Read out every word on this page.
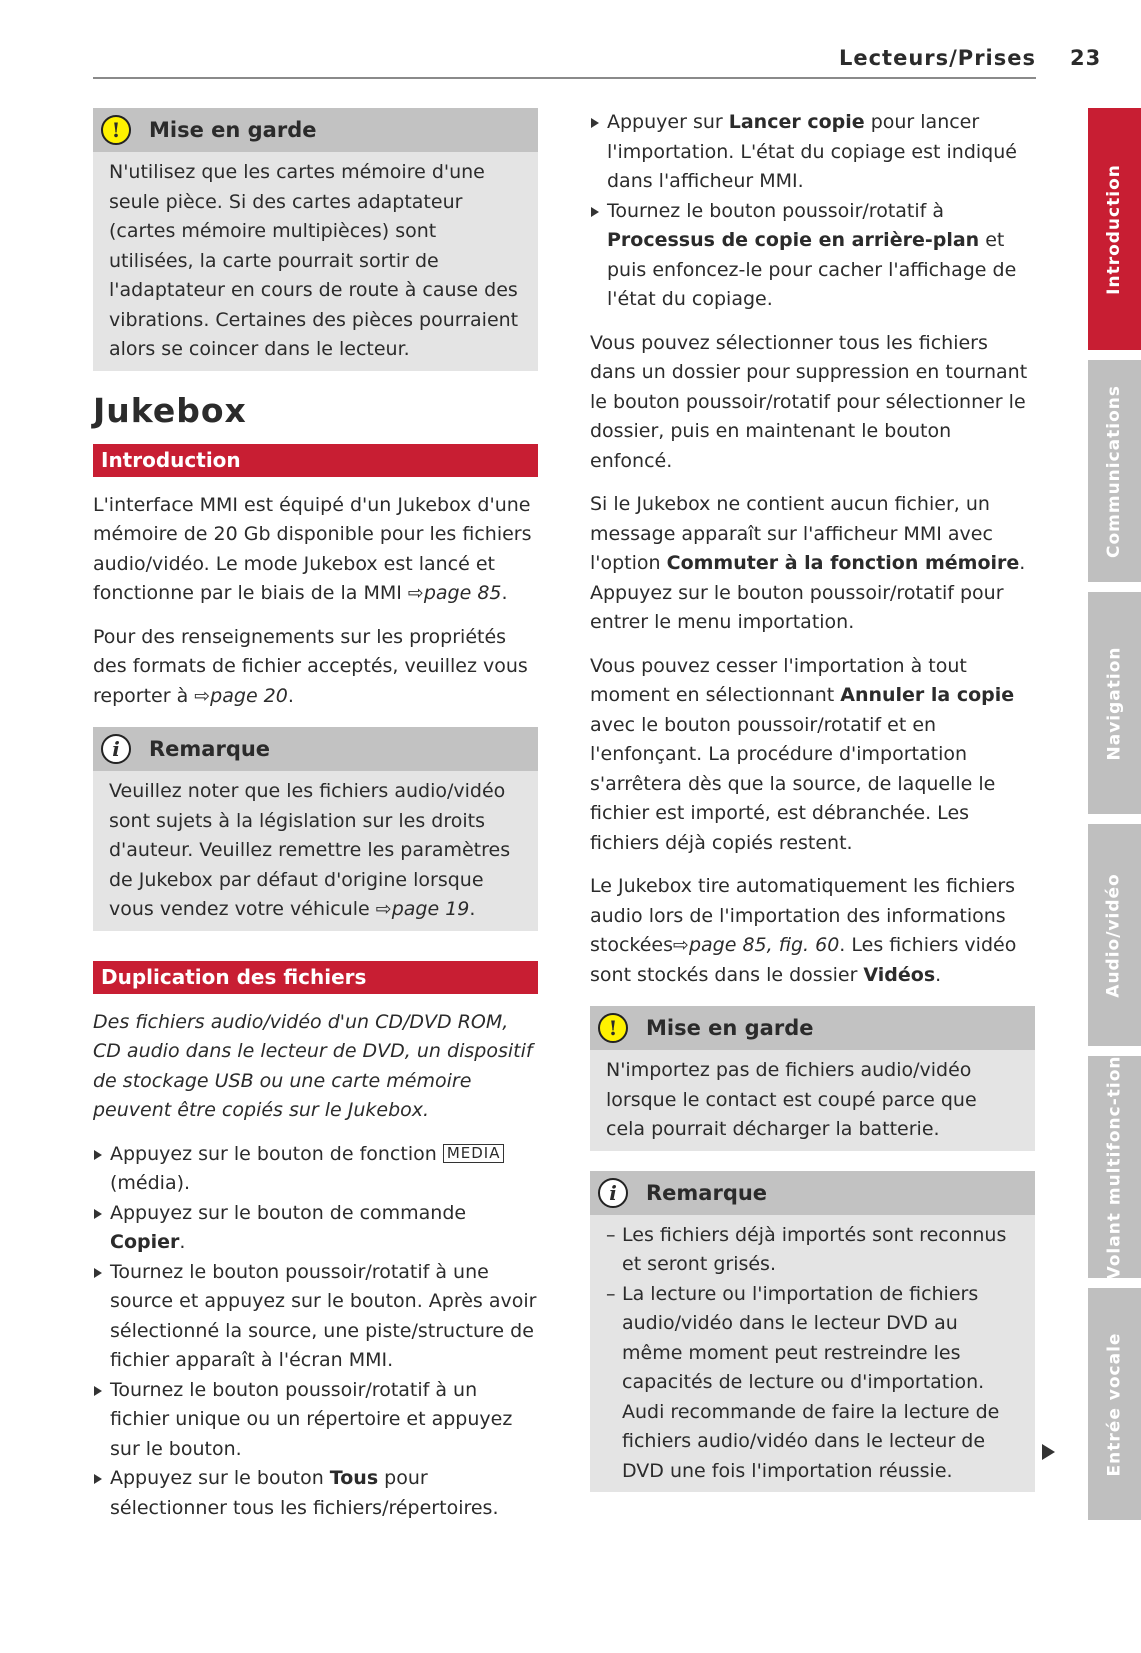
Lecteurs/Prises 23
!	Mise en garde
N'utilisez que les cartes mémoire d'une seule pièce. Si des cartes adaptateur (cartes mémoire multipièces) sont utilisées, la carte pourrait sortir de l'adaptateur en cours de route à cause des vibrations. Certaines des pièces pourraient alors se coincer dans le lecteur.
Jukebox
Introduction

L'interface MMI est équipé d'un Jukebox d'une mémoire de 20 Gb disponible pour les fichiers audio/vidéo. Le mode Jukebox est lancé et fonctionne par le biais de la MMI ⇨page 85.

Pour des renseignements sur les propriétés des formats de fichier acceptés, veuillez vous reporter à ⇨page 20.

i	Remarque
Veuillez noter que les fichiers audio/vidéo sont sujets à la législation sur les droits d'auteur. Veuillez remettre les paramètres de Jukebox par défaut d'origine lorsque vous vendez votre véhicule ⇨page 19.
Duplication des fichiers

Des fichiers audio/vidéo d'un CD/DVD ROM, CD audio dans le lecteur de DVD, un dispositif de stockage USB ou une carte mémoire peuvent être copiés sur le Jukebox.

Appuyez sur le bouton de fonction MEDIA (média).
Appuyez sur le bouton de commande Copier.
Tournez le bouton poussoir/rotatif à une source et appuyez sur le bouton. Après avoir sélectionné la source, une piste/structure de fichier apparaît à l'écran MMI.
Tournez le bouton poussoir/rotatif à un fichier unique ou un répertoire et appuyez sur le bouton.
Appuyez sur le bouton Tous pour sélectionner tous les fichiers/répertoires.
Appuyer sur Lancer copie pour lancer l'importation. L'état du copiage est indiqué dans l'afficheur MMI.
Tournez le bouton poussoir/rotatif à Processus de copie en arrière-plan et puis enfoncez-le pour cacher l'affichage de l'état du copiage.

Vous pouvez sélectionner tous les fichiers dans un dossier pour suppression en tournant le bouton poussoir/rotatif pour sélectionner le dossier, puis en maintenant le bouton enfoncé.

Si le Jukebox ne contient aucun fichier, un message apparaît sur l'afficheur MMI avec l'option Commuter à la fonction mémoire. Appuyez sur le bouton poussoir/rotatif pour entrer le menu importation.

Vous pouvez cesser l'importation à tout moment en sélectionnant Annuler la copie avec le bouton poussoir/rotatif et en l'enfonçant. La procédure d'importation s'arrêtera dès que la source, de laquelle le fichier est importé, est débranchée. Les fichiers déjà copiés restent.

Le Jukebox tire automatiquement les fichiers audio lors de l'importation des informations stockées⇨page 85, fig. 60. Les fichiers vidéo sont stockés dans le dossier Vidéos.

!	Mise en garde
N'importez pas de fichiers audio/vidéo lorsque le contact est coupé parce que cela pourrait décharger la batterie.
i	Remarque
– Les fichiers déjà importés sont reconnus et seront grisés.
– La lecture ou l'importation de fichiers audio/vidéo dans le lecteur DVD au même moment peut restreindre les capacités de lecture ou d'importation. Audi recommande de faire la lecture de fichiers audio/vidéo dans le lecteur de DVD une fois l'importation réussie.
Introduction
Communications
Navigation
Audio/vidéo
Volant multifonc-tion
Entrée vocale
